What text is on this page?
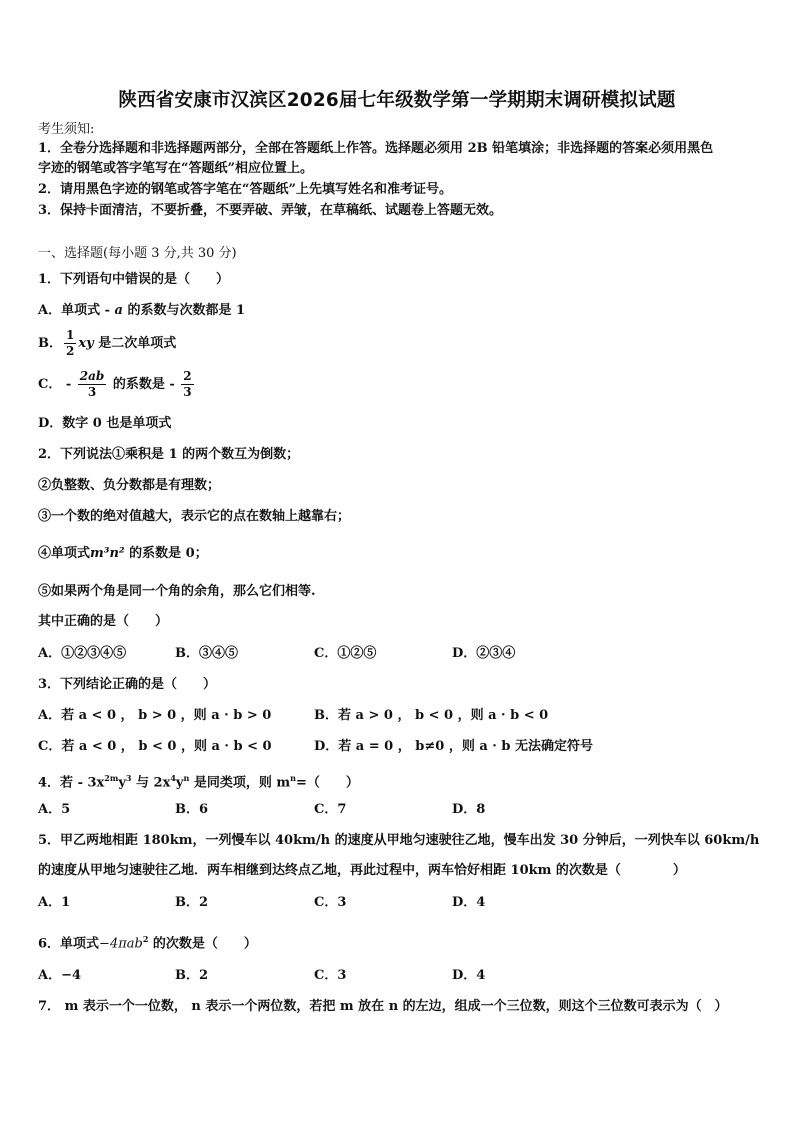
陕西省安康市汉滨区2026届七年级数学第一学期期末调研模拟试题
考生须知:
1．全卷分选择题和非选择题两部分，全部在答题纸上作答。选择题必须用 2B 铅笔填涂；非选择题的答案必须用黑色
字迹的钢笔或答字笔写在“答题纸”相应位置上。
2．请用黑色字迹的钢笔或答字笔在“答题纸”上先填写姓名和准考证号。
3．保持卡面清洁，不要折叠，不要弄破、弄皱，在草稿纸、试题卷上答题无效。
一、选择题(每小题 3 分,共 30 分)
1．下列语句中错误的是（　　）
A．单项式 - a 的系数与次数都是 1
B． $\frac{1}{2}$ xy 是二次单项式
C． - $\frac{2ab}{3}$ 的系数是 - $\frac{2}{3}$
D．数字 0 也是单项式
2．下列说法①乘积是 1 的两个数互为倒数；
②负整数、负分数都是有理数；
③一个数的绝对值越大，表示它的点在数轴上越靠右；
④单项式m³n² 的系数是 0；
⑤如果两个角是同一个角的余角，那么它们相等.
其中正确的是（　　）
A．①②③④⑤	B．③④⑤	C．①②⑤	D．②③④
3．下列结论正确的是（　　）
A．若 a < 0 ， b > 0 ，则 a · b > 0	B．若 a > 0 ， b < 0 ，则 a · b < 0
C．若 a < 0 ， b < 0 ，则 a · b < 0	D．若 a = 0 ， b≠0 ，则 a · b 无法确定符号
4．若 - $3x^{2m}y^3$ 与 $2x^4y^n$ 是同类项，则 $m^n=$（　　）
A．5	B．6	C．7	D．8
5．甲乙两地相距 180km，一列慢车以 40km/h 的速度从甲地匀速驶往乙地，慢车出发 30 分钟后，一列快车以 60km/h
的速度从甲地匀速驶往乙地．两车相继到达终点乙地，再此过程中，两车恰好相距 10km 的次数是（　　　　）
A．1	B．2	C．3	D．4
6．单项式−4πab$^2$ 的次数是（　　）
A．−4	B．2	C．3	D．4
7． m 表示一个一位数， n 表示一个两位数，若把 m 放在 n 的左边，组成一个三位数，则这个三位数可表示为（　）
